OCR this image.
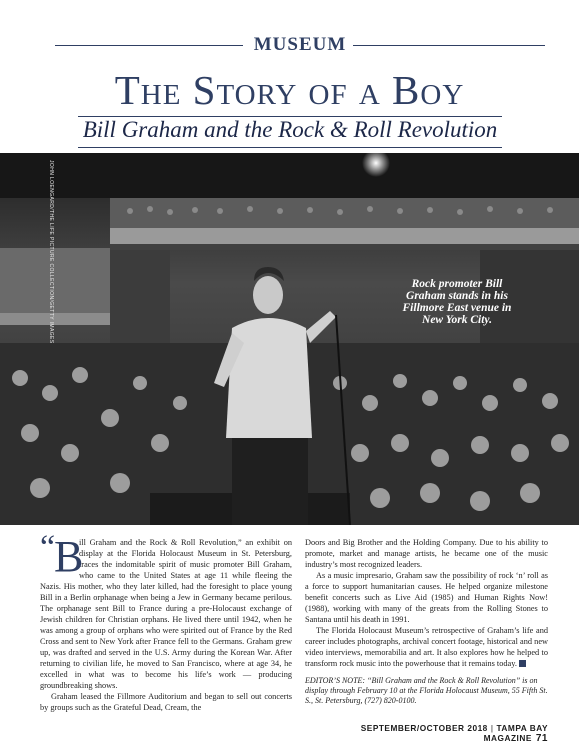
MUSEUM
The Story of a Boy
Bill Graham and the Rock & Roll Revolution
JOHN LOENGARD/THE LIFE PICTURE COLLECTION/GETTY IMAGES	Rock promoter Bill Graham stands in his Fillmore East venue in New York City.
“
B

ill Graham and the Rock & Roll Revolution,” an exhibit on display at the Florida Holocaust Museum in St. Petersburg, traces the indomitable spirit of music promoter Bill Graham, who came to the United States at age 11 while fleeing the Nazis. His mother, who they later killed, had the foresight to place young Bill in a Berlin orphanage when being a Jew in Germany became perilous. The orphanage sent Bill to France during a pre-Holocaust exchange of Jewish children for Christian orphans. He lived there until 1942, when he was among a group of orphans who were spirited out of France by the Red Cross and sent to New York after France fell to the Germans. Graham grew up, was drafted and served in the U.S. Army during the Korean War. After returning to civilian life, he moved to San Francisco, where at age 34, he excelled in what was to become his life’s work — producing groundbreaking shows.

Graham leased the Fillmore Auditorium and began to sell out concerts by groups such as the Grateful Dead, Cream, the

Doors and Big Brother and the Holding Company. Due to his ability to promote, market and manage artists, he became one of the music industry’s most recognized leaders.

As a music impresario, Graham saw the possibility of rock ‘n’ roll as a force to support humanitarian causes. He helped organize milestone benefit concerts such as Live Aid (1985) and Human Rights Now! (1988), working with many of the greats from the Rolling Stones to Santana until his death in 1991.

The Florida Holocaust Museum’s retrospective of Graham’s life and career includes photographs, archival concert footage, historical and new video interviews, memorabilia and art. It also explores how he helped to transform rock music into the powerhouse that it remains today.

EDITOR’S NOTE: “Bill Graham and the Rock & Roll Revolution” is on display through February 10 at the Florida Holocaust Museum, 55 Fifth St. S., St. Petersburg, (727) 820-0100.
SEPTEMBER/OCTOBER 2018 | TAMPA BAY MAGAZINE 71
